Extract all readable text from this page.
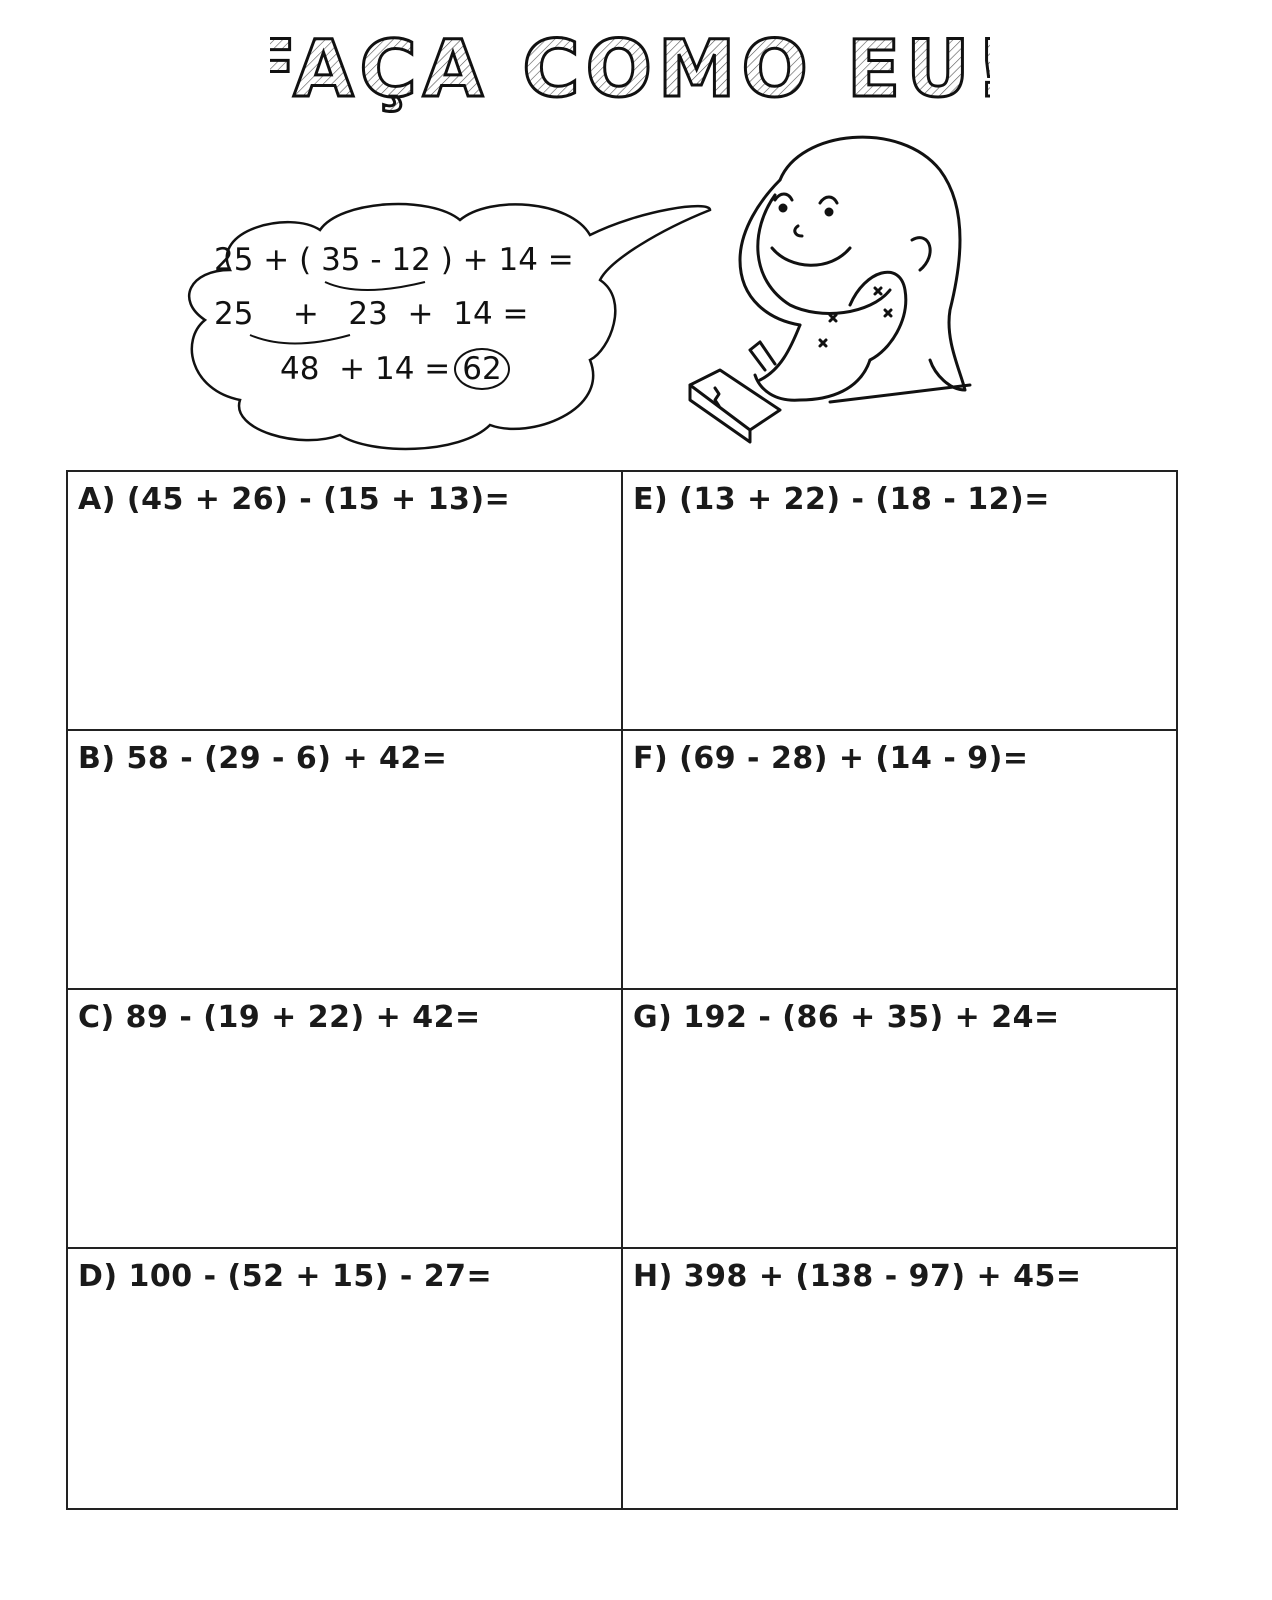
FAÇA COMO EU!
25 + ( 35 - 12 ) + 14 =
25    +   23  +  14 =
48  + 14 = 62
A) (45 + 26) - (15 + 13)=	E) (13 + 22) - (18 - 12)=
B) 58 - (29 - 6) + 42=	F) (69 - 28) + (14 - 9)=
C) 89 - (19 + 22) + 42=	G) 192 - (86 + 35) + 24=
D) 100 - (52 + 15) - 27=	H) 398 + (138 - 97) + 45=
